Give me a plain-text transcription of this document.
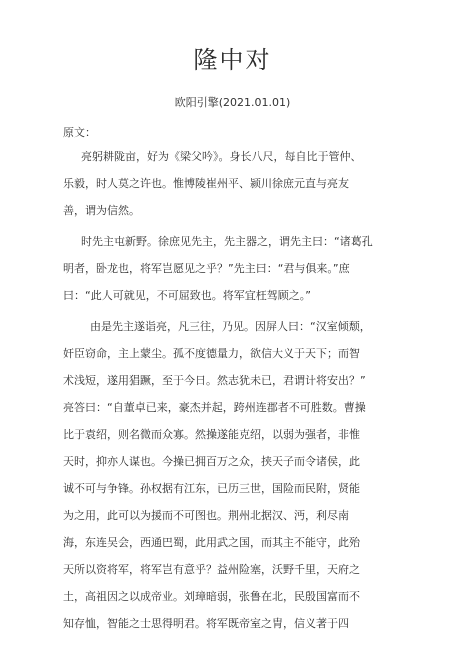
隆中对
欧阳引擎(2021.01.01)
原文：
亮躬耕陇亩，好为《梁父吟》。身长八尺，每自比于管仲、
乐毅，时人莫之许也。惟博陵崔州平、颍川徐庶元直与亮友
善，谓为信然。
时先主屯新野。徐庶见先主，先主器之，谓先主曰：“诸葛孔
明者，卧龙也，将军岂愿见之乎？”先主曰：“君与俱来。”庶
曰：“此人可就见，不可屈致也。将军宜枉驾顾之。”
由是先主遂诣亮，凡三往，乃见。因屏人曰：“汉室倾颓，
奸臣窃命，主上蒙尘。孤不度德量力，欲信大义于天下；而智
术浅短，遂用猖蹶，至于今日。然志犹未已，君谓计将安出？”
亮答曰：“自董卓已来，豪杰并起，跨州连郡者不可胜数。曹操
比于袁绍，则名微而众寡。然操遂能克绍，以弱为强者，非惟
天时，抑亦人谋也。今操已拥百万之众，挟天子而令诸侯，此
诚不可与争锋。孙权据有江东，已历三世，国险而民附，贤能
为之用，此可以为援而不可图也。荆州北据汉、沔，利尽南
海，东连吴会，西通巴蜀，此用武之国，而其主不能守，此殆
天所以资将军，将军岂有意乎？益州险塞，沃野千里，天府之
土，高祖因之以成帝业。刘璋暗弱，张鲁在北，民殷国富而不
知存恤，智能之士思得明君。将军既帝室之胄，信义著于四
